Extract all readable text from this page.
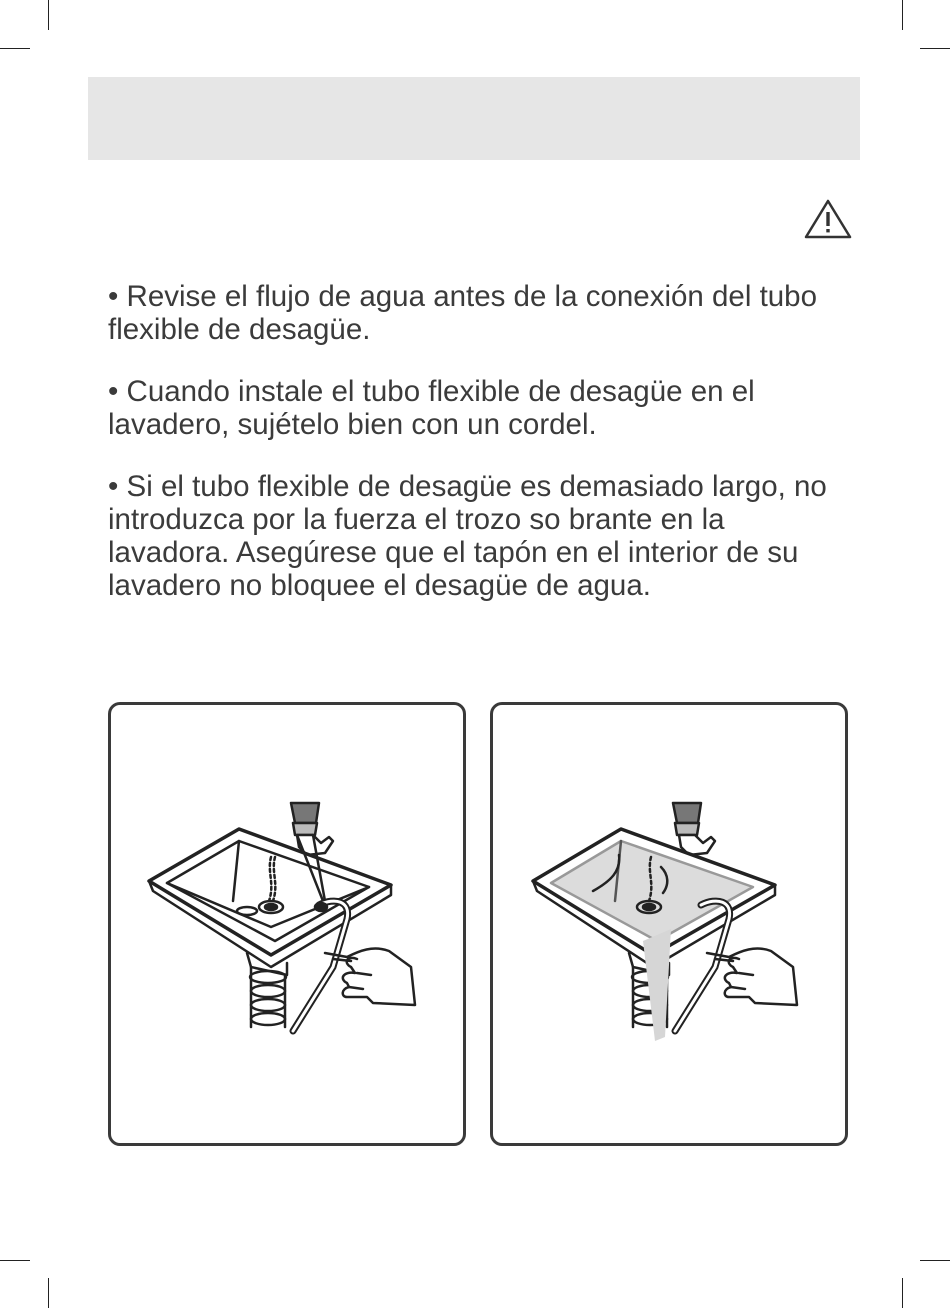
• Revise el flujo de agua antes de la conexión del tubo flexible de desagüe.

• Cuando instale el tubo flexible de desagüe en el lavadero, sujételo bien con un cordel.

• Si el tubo flexible de desagüe es demasiado largo, no introduzca por la fuerza el trozo so brante en la lavadora. Asegúrese que el tapón en el interior de su lavadero no bloquee el desagüe de agua.
